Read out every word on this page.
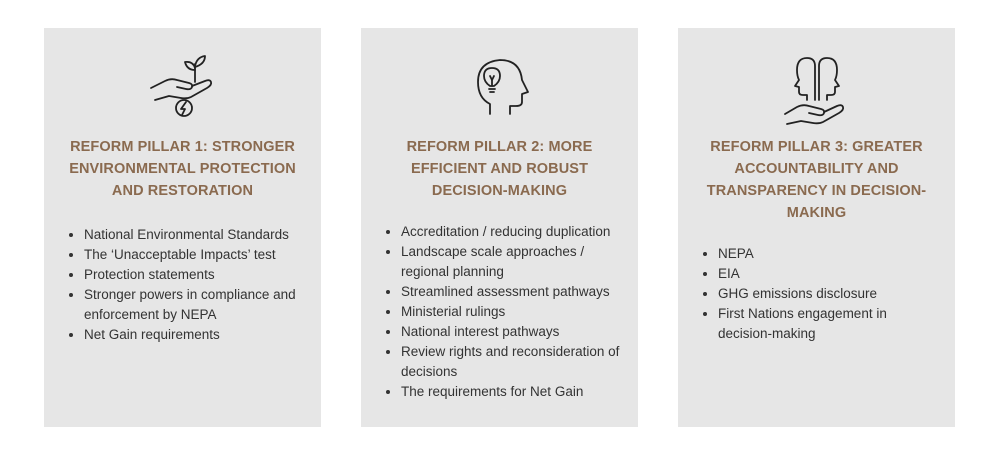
REFORM PILLAR 1: STRONGER ENVIRONMENTAL PROTECTION AND RESTORATION
• National Environmental Standards
• The ‘Unacceptable Impacts’ test
• Protection statements
• Stronger powers in compliance and enforcement by NEPA
• Net Gain requirements
REFORM PILLAR 2: MORE EFFICIENT AND ROBUST DECISION-MAKING
• Accreditation / reducing duplication
• Landscape scale approaches / regional planning
• Streamlined assessment pathways
• Ministerial rulings
• National interest pathways
• Review rights and reconsideration of decisions
• The requirements for Net Gain
REFORM PILLAR 3: GREATER ACCOUNTABILITY AND TRANSPARENCY IN DECISION-MAKING
• NEPA
• EIA
• GHG emissions disclosure
• First Nations engagement in decision-making
